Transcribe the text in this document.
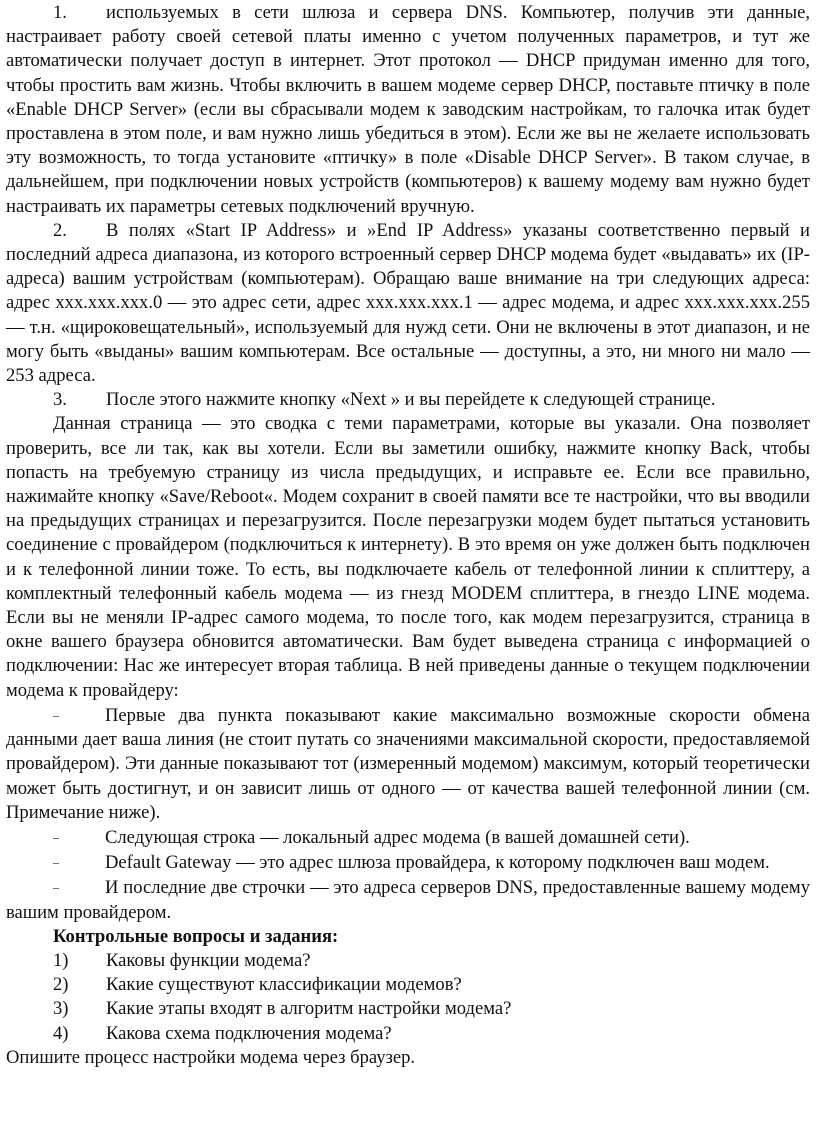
1. используемых в сети шлюза и сервера DNS. Компьютер, получив эти данные, настраивает работу своей сетевой платы именно с учетом полученных параметров, и тут же автоматически получает доступ в интернет. Этот протокол — DHCP придуман именно для того, чтобы простить вам жизнь. Чтобы включить в вашем модеме сервер DHCP, поставьте птичку в поле «Enable DHCP Server» (если вы сбрасывали модем к заводским настройкам, то галочка итак будет проставлена в этом поле, и вам нужно лишь убедиться в этом). Если же вы не желаете использовать эту возможность, то тогда установите «птичку» в поле «Disable DHCP Server». В таком случае, в дальнейшем, при подключении новых устройств (компьютеров) к вашему модему вам нужно будет настраивать их параметры сетевых подключений вручную.

2. В полях «Start IP Address» и »End IP Address» указаны соответственно первый и последний адреса диапазона, из которого встроенный сервер DHCP модема будет «выдавать» их (IP-адреса) вашим устройствам (компьютерам). Обращаю ваше внимание на три следующих адреса: адрес xxx.xxx.xxx.0 — это адрес сети, адрес xxx.xxx.xxx.1 — адрес модема, и адрес xxx.xxx.xxx.255 — т.н. «щироковещательный», используемый для нужд сети. Они не включены в этот диапазон, и не могу быть «выданы» вашим компьютерам. Все остальные — доступны, а это, ни много ни мало — 253 адреса.

3. После этого нажмите кнопку «Next » и вы перейдете к следующей странице.

Данная страница — это сводка с теми параметрами, которые вы указали. Она позволяет проверить, все ли так, как вы хотели. Если вы заметили ошибку, нажмите кнопку Back, чтобы попасть на требуемую страницу из числа предыдущих, и исправьте ее. Если все правильно, нажимайте кнопку «Save/Reboot«. Модем сохранит в своей памяти все те настройки, что вы вводили на предыдущих страницах и перезагрузится. После перезагрузки модем будет пытаться установить соединение с провайдером (подключиться к интернету). В это время он уже должен быть подключен и к телефонной линии тоже. То есть, вы подключаете кабель от телефонной линии к сплиттеру, а комплектный телефонный кабель модема — из гнезд MODEM сплиттера, в гнездо LINE модема. Если вы не меняли IP-адрес самого модема, то после того, как модем перезагрузится, страница в окне вашего браузера обновится автоматически. Вам будет выведена страница с информацией о подключении: Нас же интересует вторая таблица. В ней приведены данные о текущем подключении модема к провайдеру:

– Первые два пункта показывают какие максимально возможные скорости обмена данными дает ваша линия (не стоит путать со значениями максимальной скорости, предоставляемой провайдером). Эти данные показывают тот (измеренный модемом) максимум, который теоретически может быть достигнут, и он зависит лишь от одного — от качества вашей телефонной линии (см. Примечание ниже).

– Следующая строка — локальный адрес модема (в вашей домашней сети).

– Default Gateway — это адрес шлюза провайдера, к которому подключен ваш модем.

– И последние две строчки — это адреса серверов DNS, предоставленные вашему модему вашим провайдером.

Контрольные вопросы и задания:

1) Каковы функции модема?

2) Какие существуют классификации модемов?

3) Какие этапы входят в алгоритм настройки модема?

4) Какова схема подключения модема?

Опишите процесс настройки модема через браузер.
